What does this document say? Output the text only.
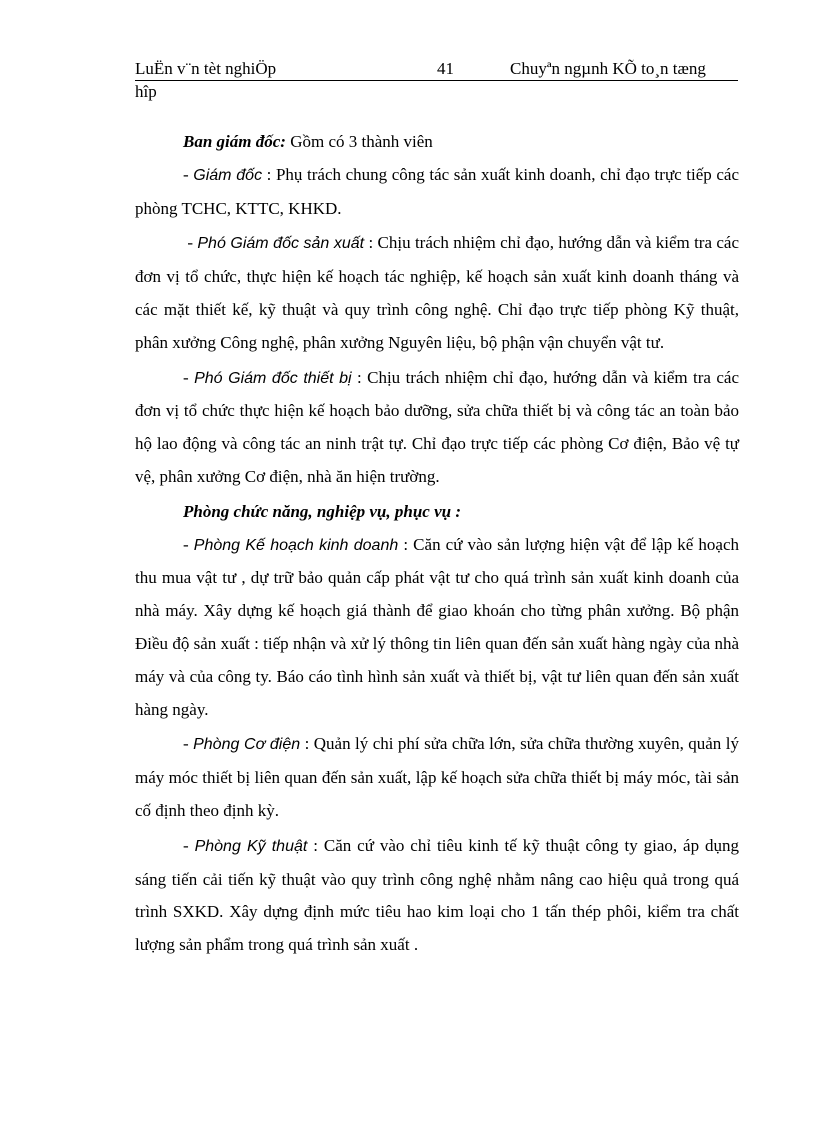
LuËn v¨n tèt nghiÖp	41	Chuyªn ngµnh KÕ to¸n tæng
hîp

Ban giám đốc: Gồm có 3 thành viên

- Giám đốc : Phụ trách chung công tác sản xuất kinh doanh, chỉ đạo trực tiếp các phòng TCHC, KTTC, KHKD.

- Phó Giám đốc sản xuất : Chịu trách nhiệm chỉ đạo, hướng dẫn và kiểm tra các đơn vị tổ chức, thực hiện kế hoạch tác nghiệp, kế hoạch sản xuất kinh doanh tháng và các mặt thiết kế, kỹ thuật và quy trình công nghệ. Chỉ đạo trực tiếp phòng Kỹ thuật, phân xưởng Công nghệ, phân xưởng Nguyên liệu, bộ phận vận chuyển vật tư.

- Phó Giám đốc thiết bị : Chịu trách nhiệm chỉ đạo, hướng dẫn và kiểm tra các đơn vị tổ chức thực hiện kế hoạch bảo dưỡng, sửa chữa thiết bị và công tác an toàn bảo hộ lao động và công tác an ninh trật tự. Chỉ đạo trực tiếp các phòng Cơ điện, Bảo vệ tự vệ, phân xưởng Cơ điện, nhà ăn hiện trường.

Phòng chức năng, nghiệp vụ, phục vụ :

- Phòng Kế hoạch kinh doanh : Căn cứ vào sản lượng hiện vật để lập kế hoạch thu mua vật tư , dự trữ bảo quản cấp phát vật tư cho quá trình sản xuất kinh doanh của nhà máy. Xây dựng kế hoạch giá thành để giao khoán cho từng phân xưởng. Bộ phận Điều độ sản xuất : tiếp nhận và xử lý thông tin liên quan đến sản xuất hàng ngày của nhà máy và của công ty. Báo cáo tình hình sản xuất và thiết bị, vật tư liên quan đến sản xuất hàng ngày.

- Phòng Cơ điện : Quản lý chi phí sửa chữa lớn, sửa chữa thường xuyên, quản lý máy móc thiết bị liên quan đến sản xuất, lập kế hoạch sửa chữa thiết bị máy móc, tài sản cố định theo định kỳ.

- Phòng Kỹ thuật : Căn cứ vào chỉ tiêu kinh tế kỹ thuật công ty giao, áp dụng sáng tiến cải tiến kỹ thuật vào quy trình công nghệ nhằm nâng cao hiệu quả trong quá trình SXKD. Xây dựng định mức tiêu hao kim loại cho 1 tấn thép phôi, kiểm tra chất lượng sản phẩm trong quá trình sản xuất .
